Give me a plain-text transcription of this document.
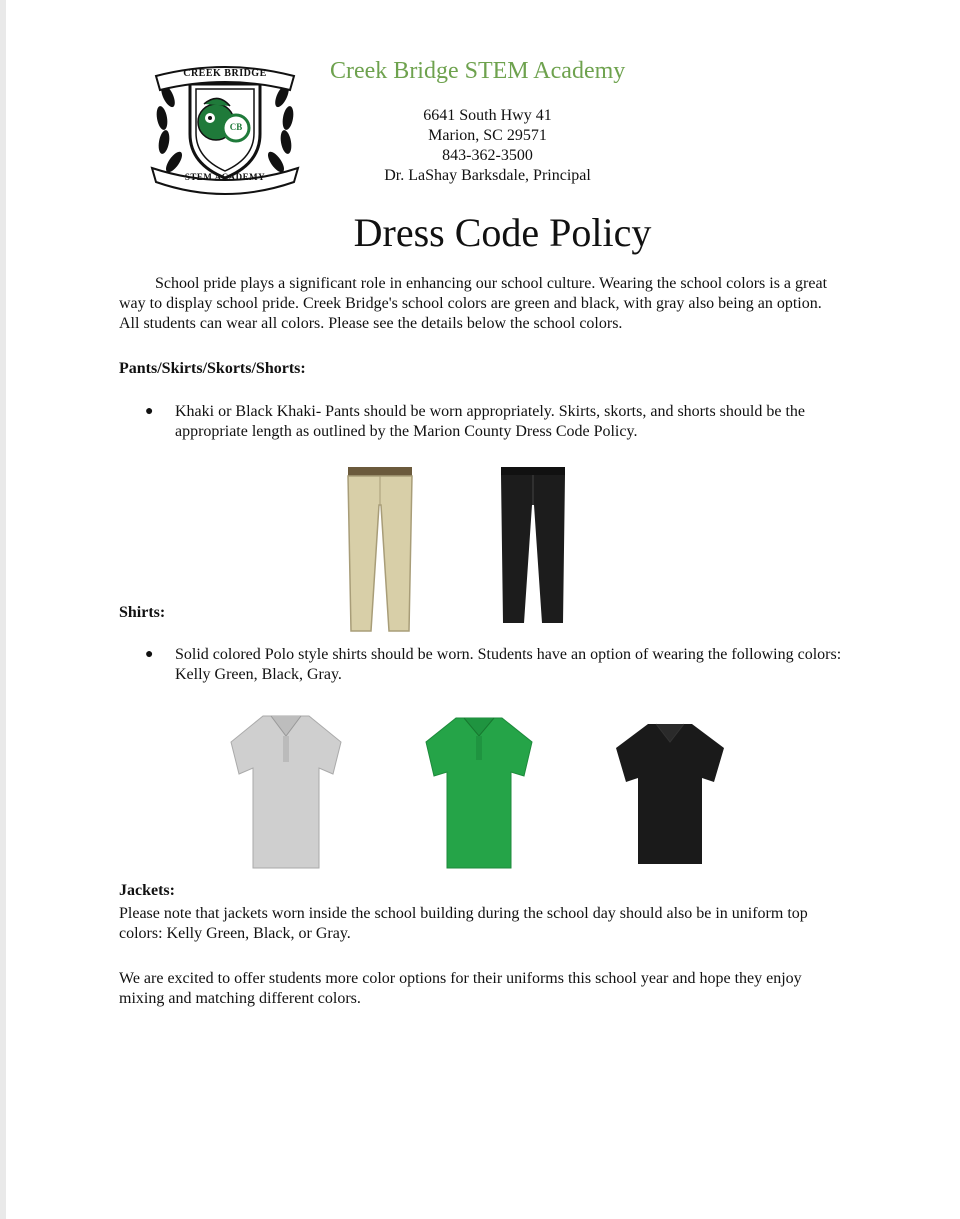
CREEK BRIDGE
CB
STEM ACADEMY
Creek Bridge STEM Academy
6641 South Hwy 41
Marion, SC 29571
843-362-3500
Dr. LaShay Barksdale, Principal
Dress Code Policy

School pride plays a significant role in enhancing our school culture. Wearing the school colors is a great way to display school pride. Creek Bridge's school colors are green and black, with gray also being an option. All students can wear all colors. Please see the details below the school colors.

Pants/Skirts/Skorts/Shorts:
● Khaki or Black Khaki- Pants should be worn appropriately. Skirts, skorts, and shorts should be the appropriate length as outlined by the Marion County Dress Code Policy.
Shirts:
● Solid colored Polo style shirts should be worn. Students have an option of wearing the following colors: Kelly Green, Black, Gray.
Jackets:

Please note that jackets worn inside the school building during the school day should also be in uniform top colors: Kelly Green, Black, or Gray.

We are excited to offer students more color options for their uniforms this school year and hope they enjoy mixing and matching different colors.
